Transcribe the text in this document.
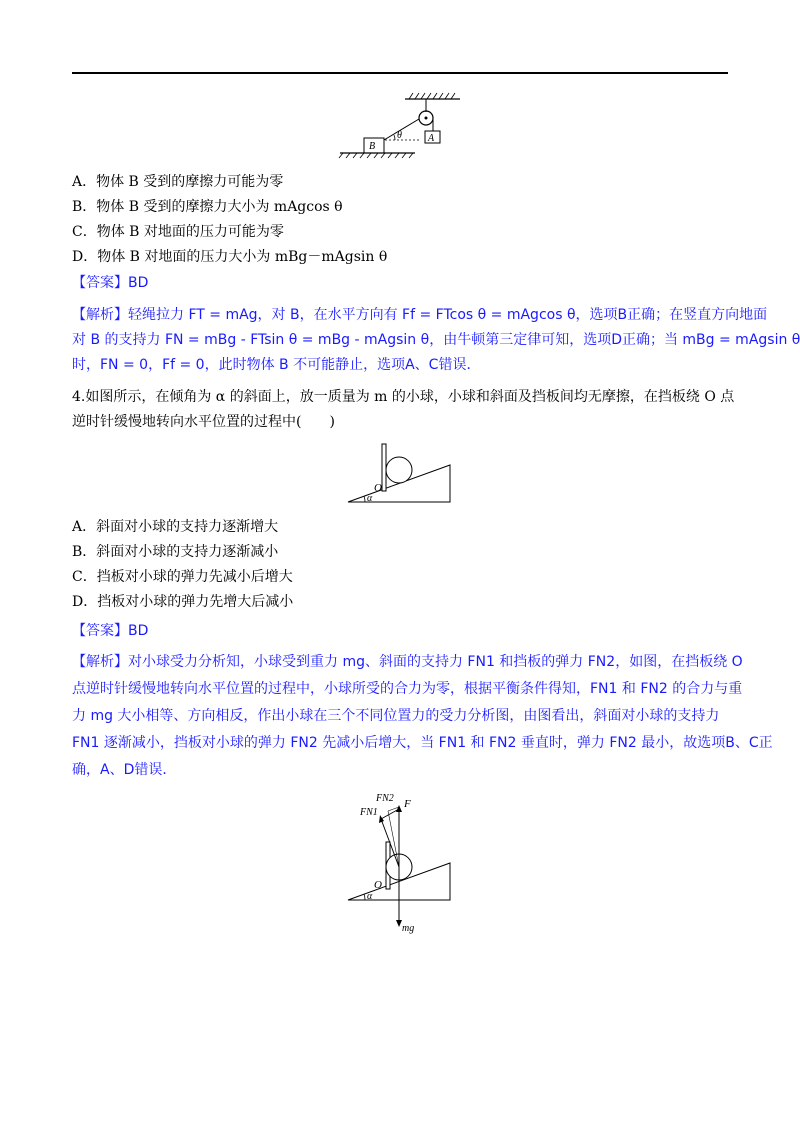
A
θ
B
A．物体 B 受到的摩擦力可能为零
B．物体 B 受到的摩擦力大小为 mAgcos θ
C．物体 B 对地面的压力可能为零
D．物体 B 对地面的压力大小为 mBg－mAgsin θ
【答案】BD
【解析】轻绳拉力 FT = mAg，对 B，在水平方向有 Ff = FTcos θ = mAgcos θ，选项B正确；在竖直方向地面
对 B 的支持力 FN = mBg - FTsin θ = mBg - mAgsin θ，由牛顿第三定律可知，选项D正确；当 mBg = mAgsin θ
时，FN = 0，Ff = 0，此时物体 B 不可能静止，选项A、C错误．
4.如图所示，在倾角为 α 的斜面上，放一质量为 m 的小球，小球和斜面及挡板间均无摩擦，在挡板绕 O 点
逆时针缓慢地转向水平位置的过程中(　　)
α
O
A．斜面对小球的支持力逐渐增大
B．斜面对小球的支持力逐渐减小
C．挡板对小球的弹力先减小后增大
D．挡板对小球的弹力先增大后减小
【答案】BD
【解析】对小球受力分析知，小球受到重力 mg、斜面的支持力 FN1 和挡板的弹力 FN2，如图，在挡板绕 O
点逆时针缓慢地转向水平位置的过程中，小球所受的合力为零，根据平衡条件得知，FN1 和 FN2 的合力与重
力 mg 大小相等、方向相反，作出小球在三个不同位置力的受力分析图，由图看出，斜面对小球的支持力
FN1 逐渐减小，挡板对小球的弹力 FN2 先减小后增大，当 FN1 和 FN2 垂直时，弹力 FN2 最小，故选项B、C正
确，A、D错误．
α
O
FN2 F
FN1
mg
